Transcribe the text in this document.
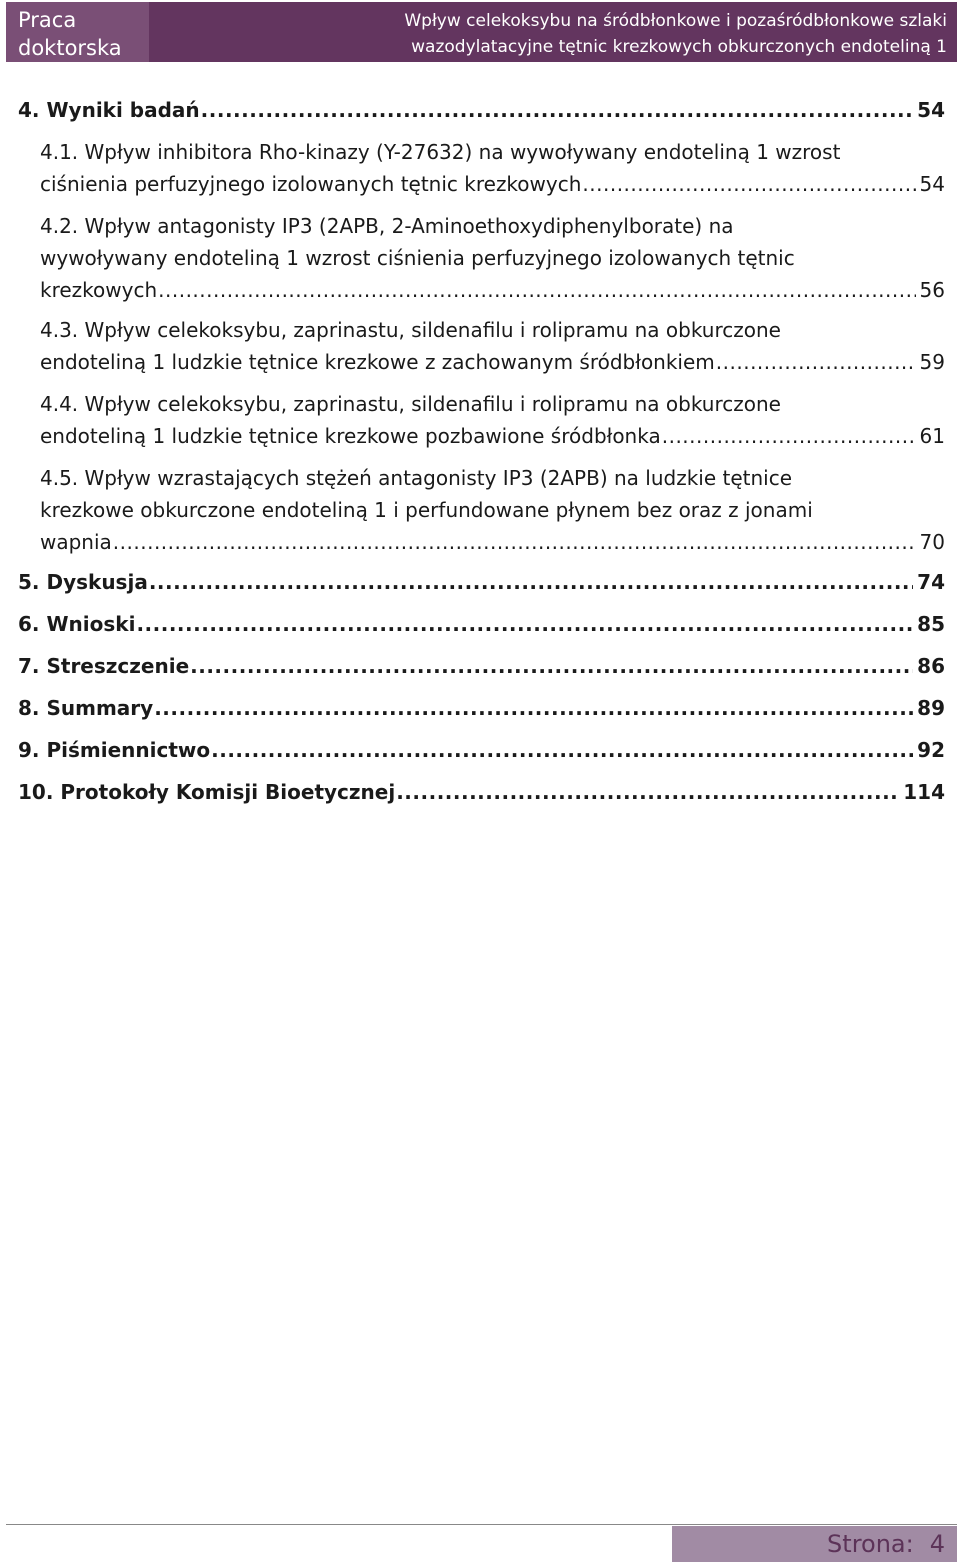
Praca
doktorska
Wpływ celekoksybu na śródbłonkowe i pozaśródbłonkowe szlaki
wazodylatacyjne tętnic krezkowych obkurczonych endoteliną 1
4. Wyniki badań .....	54
4.1. Wpływ inhibitora Rho-kinazy (Y-27632) na wywoływany endoteliną 1 wzrost
ciśnienia perfuzyjnego izolowanych tętnic krezkowych .....	54
4.2. Wpływ antagonisty IP3 (2APB, 2-Aminoethoxydiphenylborate) na
wywoływany endoteliną 1 wzrost ciśnienia perfuzyjnego izolowanych tętnic
krezkowych .....	56
4.3. Wpływ celekoksybu, zaprinastu, sildenafilu i rolipramu na obkurczone
endoteliną 1 ludzkie tętnice krezkowe z zachowanym śródbłonkiem .....	59
4.4. Wpływ celekoksybu, zaprinastu, sildenafilu i rolipramu na obkurczone
endoteliną 1 ludzkie tętnice krezkowe pozbawione śródbłonka .....	61
4.5. Wpływ wzrastających stężeń antagonisty IP3 (2APB) na ludzkie tętnice
krezkowe obkurczone endoteliną 1 i perfundowane płynem bez oraz z jonami
wapnia .....	70
5. Dyskusja .....	74
6. Wnioski .....	85
7. Streszczenie .....	86
8. Summary .....	89
9. Piśmiennictwo .....	92
10. Protokoły Komisji Bioetycznej .....	114
Strona: 4
